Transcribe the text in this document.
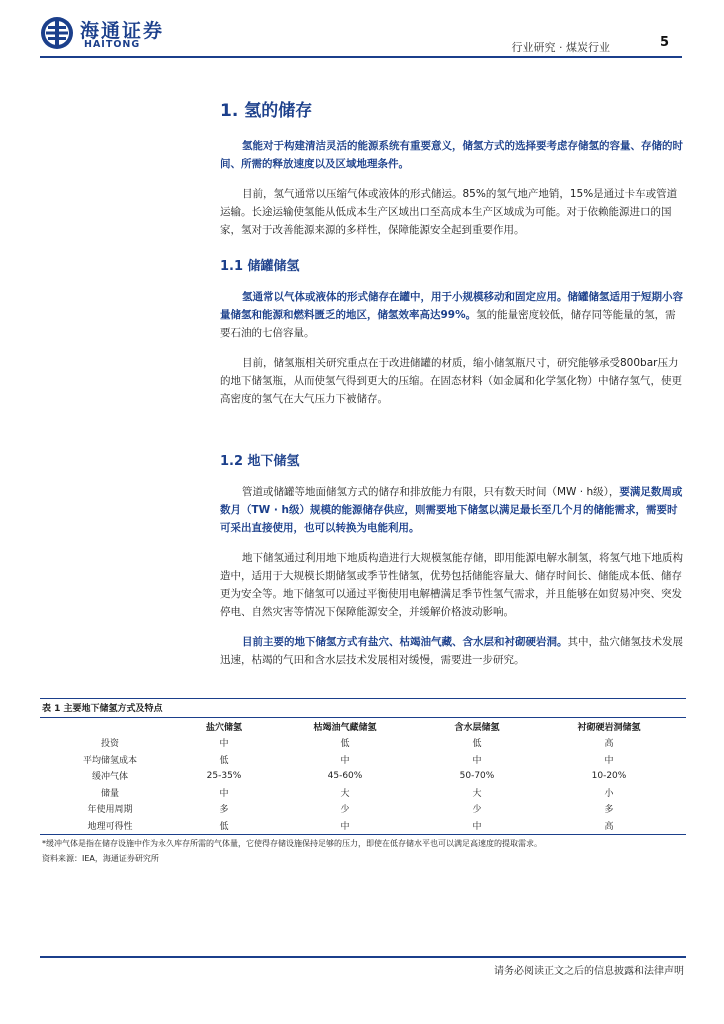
海通证券
HAITONG	行业研究 · 煤炭行业	5
1. 氢的储存

氢能对于构建清洁灵活的能源系统有重要意义，储氢方式的选择要考虑存储氢的容量、存储的时间、所需的释放速度以及区域地理条件。

目前，氢气通常以压缩气体或液体的形式储运。85%的氢气地产地销，15%是通过卡车或管道运输。长途运输使氢能从低成本生产区域出口至高成本生产区域成为可能。对于依赖能源进口的国家，氢对于改善能源来源的多样性，保障能源安全起到重要作用。

1.1 储罐储氢

氢通常以气体或液体的形式储存在罐中，用于小规模移动和固定应用。储罐储氢适用于短期小容量储氢和能源和燃料匮乏的地区，储氢效率高达99%。氢的能量密度较低，储存同等能量的氢，需要石油的七倍容量。

目前，储氢瓶相关研究重点在于改进储罐的材质，缩小储氢瓶尺寸，研究能够承受800bar压力的地下储氢瓶，从而使氢气得到更大的压缩。在固态材料（如金属和化学氢化物）中储存氢气，使更高密度的氢气在大气压力下被储存。

1.2 地下储氢

管道或储罐等地面储氢方式的储存和排放能力有限，只有数天时间（MW · h级），要满足数周或数月（TW · h级）规模的能源储存供应，则需要地下储氢以满足最长至几个月的储能需求，需要时可采出直接使用，也可以转换为电能利用。

地下储氢通过利用地下地质构造进行大规模氢能存储，即用能源电解水制氢，将氢气地下地质构造中，适用于大规模长期储氢或季节性储氢，优势包括储能容量大、储存时间长、储能成本低、储存更为安全等。地下储氢可以通过平衡使用电解槽满足季节性氢气需求，并且能够在如贸易冲突、突发停电、自然灾害等情况下保障能源安全，并缓解价格波动影响。

目前主要的地下储氢方式有盐穴、枯竭油气藏、含水层和衬砌硬岩洞。其中，盐穴储氢技术发展迅速，枯竭的气田和含水层技术发展相对缓慢，需要进一步研究。

表 1 主要地下储氢方式及特点
	盐穴储氢	枯竭油气藏储氢	含水层储氢	衬砌硬岩洞储氢
投资	中	低	低	高
平均储氢成本	低	中	中	中
缓冲气体	25-35%	45-60%	50-70%	10-20%
储量	中	大	大	小
年使用周期	多	少	少	多
地理可得性	低	中	中	高
*缓冲气体是指在储存设施中作为永久库存所需的气体量，它使得存储设施保持足够的压力，即使在低存储水平也可以满足高速度的提取需求。
资料来源：IEA，海通证券研究所
请务必阅读正文之后的信息披露和法律声明
